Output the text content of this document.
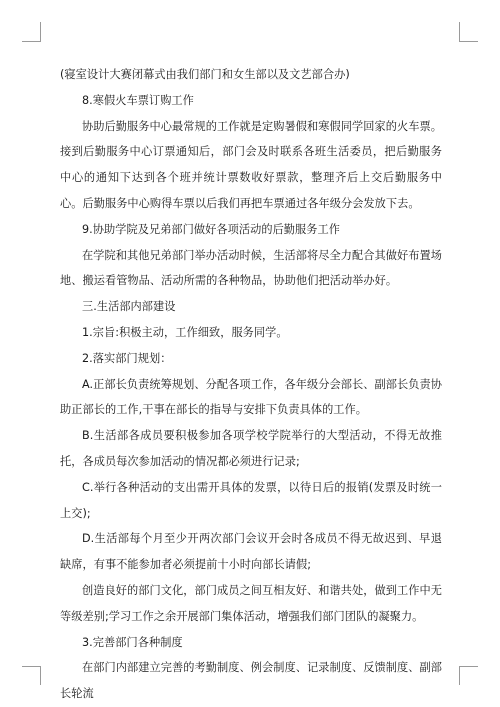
(寝室设计大赛闭幕式由我们部门和女生部以及文艺部合办)

8.寒假火车票订购工作

协助后勤服务中心最常规的工作就是定购暑假和寒假同学回家的火车票。接到后勤服务中心订票通知后，部门会及时联系各班生活委员，把后勤服务中心的通知下达到各个班并统计票数收好票款，整理齐后上交后勤服务中心。后勤服务中心购得车票以后我们再把车票通过各年级分会发放下去。

9.协助学院及兄弟部门做好各项活动的后勤服务工作

在学院和其他兄弟部门举办活动时候，生活部将尽全力配合其做好布置场地、搬运看管物品、活动所需的各种物品，协助他们把活动举办好。

三.生活部内部建设

1.宗旨:积极主动，工作细致，服务同学。

2.落实部门规划：

A.正部长负责统筹规划、分配各项工作，各年级分会部长、副部长负责协助正部长的工作,干事在部长的指导与安排下负责具体的工作。

B.生活部各成员要积极参加各项学校学院举行的大型活动，不得无故推托，各成员每次参加活动的情况都必须进行记录;

C.举行各种活动的支出需开具体的发票，以待日后的报销(发票及时统一上交);

D.生活部每个月至少开两次部门会议开会时各成员不得无故迟到、早退缺席，有事不能参加者必须提前十小时向部长请假;

创造良好的部门文化，部门成员之间互相友好、和谐共处，做到工作中无等级差别;学习工作之余开展部门集体活动，增强我们部门团队的凝聚力。

3.完善部门各种制度

在部门内部建立完善的考勤制度、例会制度、记录制度、反馈制度、副部长轮流
